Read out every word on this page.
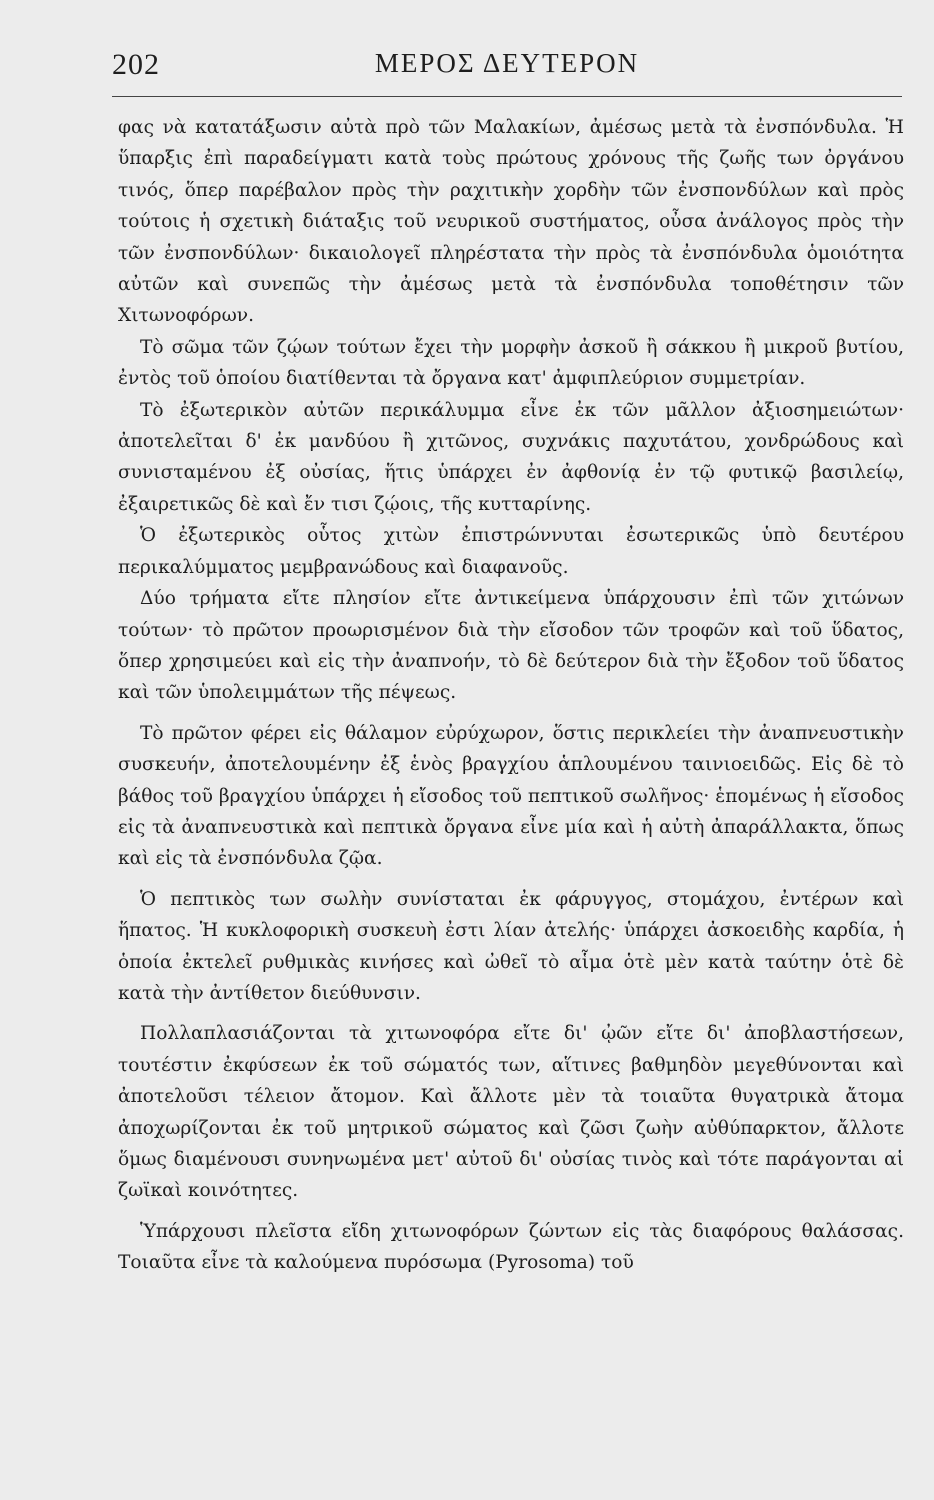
202	ΜΕΡΟΣ ΔΕΥΤΕΡΟΝ

φας νὰ κατατάξωσιν αὐτὰ πρὸ τῶν Μαλακίων, ἀμέσως μετὰ τὰ ἐνσπόνδυλα. Ἡ ὕπαρξις ἐπὶ παραδείγματι κατὰ τοὺς πρώτους χρόνους τῆς ζωῆς των ὀργάνου τινός, ὅπερ παρέβαλον πρὸς τὴν ραχιτικὴν χορδὴν τῶν ἐνσπονδύλων καὶ πρὸς τούτοις ἡ σχετικὴ διάταξις τοῦ νευρικοῦ συστήματος, οὖσα ἀνάλογος πρὸς τὴν τῶν ἐνσπονδύλων· δικαιολογεῖ πληρέστατα τὴν πρὸς τὰ ἐνσπόνδυλα ὁμοιότητα αὐτῶν καὶ συνεπῶς τὴν ἀμέσως μετὰ τὰ ἐνσπόνδυλα τοποθέτησιν τῶν Χιτωνοφόρων.

Τὸ σῶμα τῶν ζῴων τούτων ἔχει τὴν μορφὴν ἀσκοῦ ἢ σάκκου ἢ μικροῦ βυτίου, ἐντὸς τοῦ ὁποίου διατίθενται τὰ ὄργανα κατ' ἀμφιπλεύριον συμμετρίαν.

Τὸ ἐξωτερικὸν αὐτῶν περικάλυμμα εἶνε ἐκ τῶν μᾶλλον ἀξιοσημειώτων· ἀποτελεῖται δ' ἐκ μανδύου ἢ χιτῶνος, συχνάκις παχυτάτου, χονδρώδους καὶ συνισταμένου ἐξ οὐσίας, ἥτις ὑπάρχει ἐν ἀφθονίᾳ ἐν τῷ φυτικῷ βασιλείῳ, ἐξαιρετικῶς δὲ καὶ ἔν τισι ζῴοις, τῆς κυτταρίνης.

Ὁ ἐξωτερικὸς οὗτος χιτὼν ἐπιστρώννυται ἐσωτερικῶς ὑπὸ δευτέρου περικαλύμματος μεμβρανώδους καὶ διαφανοῦς.

Δύο τρήματα εἴτε πλησίον εἴτε ἀντικείμενα ὑπάρχουσιν ἐπὶ τῶν χιτώνων τούτων· τὸ πρῶτον προωρισμένον διὰ τὴν εἴσοδον τῶν τροφῶν καὶ τοῦ ὕδατος, ὅπερ χρησιμεύει καὶ εἰς τὴν ἀναπνοήν, τὸ δὲ δεύτερον διὰ τὴν ἔξοδον τοῦ ὕδατος καὶ τῶν ὑπολειμμάτων τῆς πέψεως.

Τὸ πρῶτον φέρει εἰς θάλαμον εὐρύχωρον, ὅστις περικλείει τὴν ἀναπνευστικὴν συσκευήν, ἀποτελουμένην ἐξ ἑνὸς βραγχίου ἁπλουμένου ταινιοειδῶς. Εἰς δὲ τὸ βάθος τοῦ βραγχίου ὑπάρχει ἡ εἴσοδος τοῦ πεπτικοῦ σωλῆνος· ἑπομένως ἡ εἴσοδος εἰς τὰ ἀναπνευστικὰ καὶ πεπτικὰ ὄργανα εἶνε μία καὶ ἡ αὐτὴ ἀπαράλλακτα, ὅπως καὶ εἰς τὰ ἐνσπόνδυλα ζῷα.

Ὁ πεπτικὸς των σωλὴν συνίσταται ἐκ φάρυγγος, στομάχου, ἐντέρων καὶ ἥπατος. Ἡ κυκλοφορικὴ συσκευὴ ἐστι λίαν ἀτελής· ὑπάρχει ἀσκοειδὴς καρδία, ἡ ὁποία ἐκτελεῖ ρυθμικὰς κινήσες καὶ ὠθεῖ τὸ αἷμα ὁτὲ μὲν κατὰ ταύτην ὁτὲ δὲ κατὰ τὴν ἀντίθετον διεύθυνσιν.

Πολλαπλασιάζονται τὰ χιτωνοφόρα εἴτε δι' ᾠῶν εἴτε δι' ἀποβλαστήσεων, τουτέστιν ἐκφύσεων ἐκ τοῦ σώματός των, αἵτινες βαθμηδὸν μεγεθύνονται καὶ ἀποτελοῦσι τέλειον ἄτομον. Καὶ ἄλλοτε μὲν τὰ τοιαῦτα θυγατρικὰ ἄτομα ἀποχωρίζονται ἐκ τοῦ μητρικοῦ σώματος καὶ ζῶσι ζωὴν αὐθύπαρκτον, ἄλλοτε ὅμως διαμένουσι συνηνωμένα μετ' αὐτοῦ δι' οὐσίας τινὸς καὶ τότε παράγονται αἱ ζωϊκαὶ κοινότητες.

Ὑπάρχουσι πλεῖστα εἴδη χιτωνοφόρων ζώντων εἰς τὰς διαφόρους θαλάσσας. Τοιαῦτα εἶνε τὰ καλούμενα πυρόσωμα (Pyrosoma) τοῦ
